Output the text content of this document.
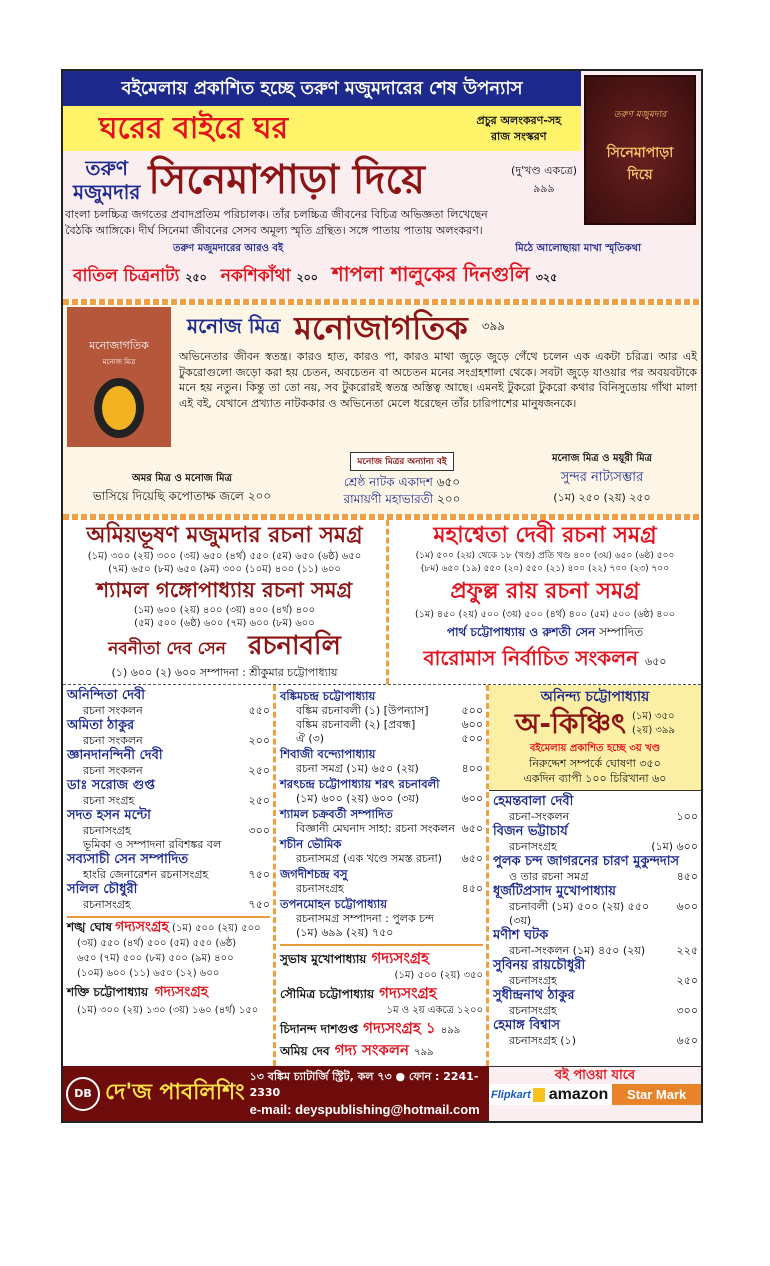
বইমেলায় প্রকাশিত হচ্ছে তরুণ মজুমদারের শেষ উপন্যাস
ঘরের বাইরে ঘর	প্রচুর অলংকরণ-সহ
রাজ সংস্করণ
তরুণ
মজুমদার সিনেমাপাড়া দিয়ে	(দু'খণ্ড একত্রে)
৯৯৯
বাংলা চলচ্চিত্র জগতের প্রবাদপ্রতিম পরিচালক। তাঁর চলচ্চিত্র জীবনের বিচিত্র অভিজ্ঞতা লিখেছেন
বৈঠকি আঙ্গিকে। দীর্ঘ সিনেমা জীবনের সেসব অমূল্য স্মৃতি গ্রন্থিত। সঙ্গে পাতায় পাতায় অলংকরণ।
তরুণ মজুমদার
সিনেমাপাড়া
দিয়ে
তরুণ মজুমদারের আরও বই	মিঠে আলোছায়া মাখা স্মৃতিকথা
বাতিল চিত্রনাট্য ২৫০ নকশিকাঁথা ২০০ শাপলা শালুকের দিনগুলি ৩২৫
মনোজাগতিক
মনোজ মিত্র
মনোজ মিত্র মনোজাগতিক ৩৯৯
অভিনেতার জীবন স্বতন্ত্র। কারও হাত, কারও পা, কারও মাথা জুড়ে জুড়ে গেঁথে চলেন এক একটা চরিত্র। আর এই টুকরোগুলো জড়ো করা হয় চেতন, অবচেতন বা অচেতন মনের সংগ্রহশালা থেকে। সবটা জুড়ে যাওয়ার পর অবয়বটাকে মনে হয় নতুন। কিন্তু তা তো নয়, সব টুকরোরই স্বতন্ত্র অস্তিত্ব আছে। এমনই টুকরো টুকরো কথার বিনিসুতোয় গাঁথা মালা এই বই, যেখানে প্রখ্যাত নাটককার ও অভিনেতা মেলে ধরেছেন তাঁর চারিপাশের মানুষজনকে।
অমর মিত্র ও মনোজ মিত্র
ভাসিয়ে দিয়েছি কপোতাক্ষ জলে ২০০
মনোজ মিত্রর অন্যান্য বই
শ্রেষ্ঠ নাটক একাদশ ৬৫০
রামায়ণী মহাভারতী ২০০
মনোজ মিত্র ও ময়ূরী মিত্র
সুন্দর নাট্যসম্ভার
(১ম) ২৫০ (২য়) ২৫০
অমিয়ভূষণ মজুমদার রচনা সমগ্র
(১ম) ৩০০ (২য়) ৩০০ (৩য়) ৬৫০ (৪র্থ) ৫৫০ (৫ম) ৬৫০ (৬ষ্ঠ) ৬৫০
(৭ম) ৬৫০ (৮ম) ৬৫০ (৯ম) ৩০০ (১০ম) ৪০০ (১১) ৬০০
শ্যামল গঙ্গোপাধ্যায় রচনা সমগ্র
(১ম) ৬০০ (২য়) ৪০০ (৩য়) ৪০০ (৪র্থ) ৪০০
(৫ম) ৫০০ (৬ষ্ঠ) ৬০০ (৭ম) ৬০০ (৮ম) ৬০০
নবনীতা দেব সেন রচনাবলি
(১) ৬০০ (২) ৬০০ সম্পাদনা : শ্রীকুমার চট্টোপাধ্যায়
মহাশ্বেতা দেবী রচনা সমগ্র
(১ম) ৫০০ (২য়) থেকে ১৮ (খণ্ড) প্রতি খণ্ড ৪০০ (৩য়) ৬৫০ (৬ষ্ঠ) ৫০০
(৮ম) ৬৫০ (১৯) ৫৫০ (২০) ৫৫০ (২১) ৪০০ (২২) ৭০০ (২৩) ৭০০
প্রফুল্ল রায় রচনা সমগ্র
(১ম) ৪৫০ (২য়) ৫০০ (৩য়) ৫০০ (৪র্থ) ৪০০ (৫ম) ৫০০ (৬ষ্ঠ) ৪০০
পার্থ চট্টোপাধ্যায় ও রুশতী সেন সম্পাদিত
বারোমাস নির্বাচিত সংকলন ৬৫০
অনিন্দিতা দেবী
রচনা সংকলন	৫৫০
অমিতা ঠাকুর
রচনা সংকলন	২০০
জ্ঞানদানন্দিনী দেবী
রচনা সংকলন	২৫০
ডাঃ সরোজ গুপ্ত
রচনা সংগ্রহ	২৫০
সদত হসন মন্টো
রচনাসংগ্রহ	৩০০
ভূমিকা ও সম্পাদনা রবিশঙ্কর বল
সব্যসাচী সেন সম্পাদিত
হাংরি জেনারেশন রচনাসংগ্রহ	৭৫০
সলিল চৌধুরী
রচনাসংগ্রহ	৭৫০
শঙ্খ ঘোষ গদ্যসংগ্রহ (১ম) ৫০০ (২য়) ৫০০
(৩য়) ৫৫০ (৪র্থ) ৫০০ (৫ম) ৫৫০ (৬ষ্ঠ)
৬৫০ (৭ম) ৫০০ (৮ম) ৫০০ (৯ম) ৪০০
(১০ম) ৬০০ (১১) ৬৫০ (১২) ৬০০
শক্তি চট্টোপাধ্যায় গদ্যসংগ্রহ
(১ম) ৩০০ (২য়) ১৩০ (৩য়) ১৬০ (৪র্থ) ১৫০
বঙ্কিমচন্দ্র চট্টোপাধ্যায়
বঙ্কিম রচনাবলী (১) [উপন্যাস]	৫০০
বঙ্কিম রচনাবলী (২) [প্রবন্ধ]	৬০০
ঐ (৩)	৫০০
শিবাজী বন্দ্যোপাধ্যায়
রচনা সমগ্র (১ম) ৬৫০ (২য়)	৪০০
শরৎচন্দ্র চট্টোপাধ্যায় শরৎ রচনাবলী
(১ম) ৬০০ (২য়) ৬০০ (৩য়)	৬০০
শ্যামল চক্রবর্তী সম্পাদিত
বিজ্ঞানী মেঘনাদ সাহা: রচনা সংকলন ৬৫০
শচীন ভৌমিক
রচনাসমগ্র (এক খণ্ডে সমস্ত রচনা) ৬৫০
জগদীশচন্দ্র বসু
রচনাসংগ্রহ	৪৫০
তপনমোহন চট্টোপাধ্যায়
রচনাসমগ্র সম্পাদনা : পুলক চন্দ
(১ম) ৬৯৯ (২য়) ৭৫০
সুভাষ মুখোপাধ্যায় গদ্যসংগ্রহ
(১ম) ৫০০ (২য়) ৩৫০
সৌমিত্র চট্টোপাধ্যায় গদ্যসংগ্রহ
১ম ও ২য় একত্রে ১২০০
চিদানন্দ দাশগুপ্ত গদ্যসংগ্রহ ১ ৪৯৯
অমিয় দেব গদ্য সংকলন ৭৯৯
অনিন্দ্য চট্টোপাধ্যায়
অ-কিঞ্চিৎ (১ম) ৩৫০
(২য়) ৩৯৯
বইমেলায় প্রকাশিত হচ্ছে ৩য় খণ্ড
নিরুদ্দেশ সম্পর্কে ঘোষণা ৩৫০
একদিন ব্যাপী ১০০ চিরিখানা ৬০
হেমন্তবালা দেবী
রচনা-সংকলন	১০০
বিজন ভট্টাচার্য
রচনাসংগ্রহ	(১ম) ৬০০
পুলক চন্দ জাগরনের চারণ মুকুন্দদাস
ও তার রচনা সমগ্র	৪৫০
ধূর্জটিপ্রসাদ মুখোপাধ্যায়
রচনাবলী (১ম) ৫০০ (২য়) ৫৫০ (৩য়)
৬০০
মণীশ ঘটক
রচনা-সংকলন (১ম) ৪৫০ (২য়)	২২৫
সুবিনয় রায়চৌধুরী
রচনাসংগ্রহ	২৫০
সুধীন্দ্রনাথ ঠাকুর
রচনাসংগ্রহ	৩০০
হেমাঙ্গ বিশ্বাস
রচনাসংগ্রহ (১)	৬৫০
DB দে'জ পাবলিশিং
১৩ বঙ্কিম চ্যাটার্জি স্ট্রিট, কল ৭৩ ● ফোন : 2241-2330
e-mail: deyspublishing@hotmail.com
বই পাওয়া যাবে
Flipkart amazon	Star Mark
